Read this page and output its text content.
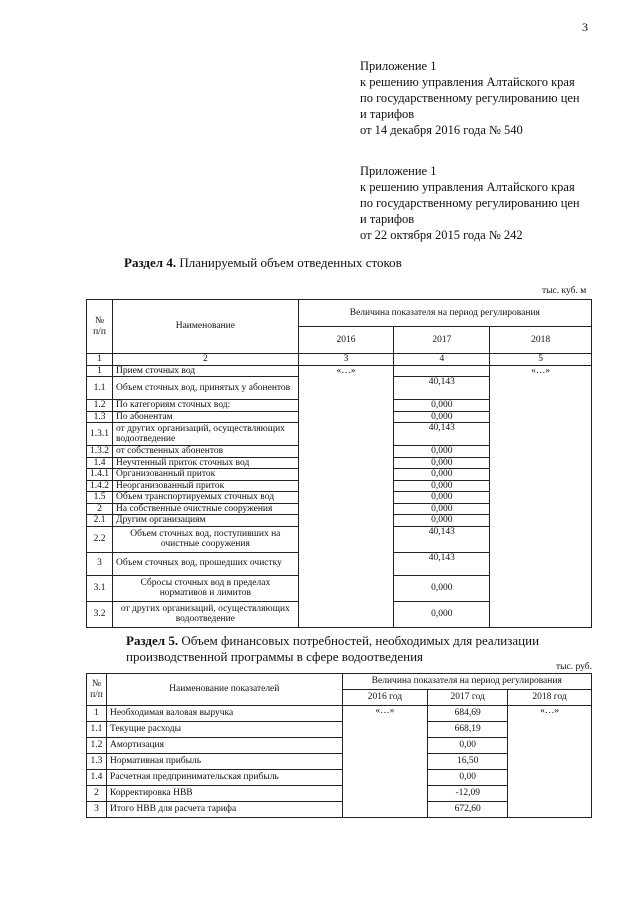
3
Приложение 1
к решению управления Алтайского края
по государственному регулированию цен
и тарифов
от 14 декабря 2016 года № 540
Приложение 1
к решению управления Алтайского края
по государственному регулированию цен
и тарифов
от 22 октября 2015 года № 242
Раздел 4. Планируемый объем отведенных стоков
тыс. куб. м
№
п/п	Наименование	Величина показателя на период регулирования		
		2016	2017	2018
1	2	3	4	5
1	Прием сточных вод	«…»		«…»
1.1	Объем сточных вод, принятых у абонентов		40,143	
1.2	По категориям сточных вод:		0,000	
1.3	По абонентам		0,000	
1.3.1	от других организаций, осуществляющих водоотведение		40,143	
1.3.2	от собственных абонентов		0,000	
1.4	Неучтенный приток сточных вод		0,000	
1.4.1	Организованный приток		0,000	
1.4.2	Неорганизованный приток		0,000	
1.5	Объем транспортируемых сточных вод		0,000	
2	На собственные очистные сооружения		0,000	
2.1	Другим организациям		0,000	
2.2	Объем сточных вод, поступивших на очистные сооружения		40,143	
3	Объем сточных вод, прошедших очистку		40,143	
3.1	Сбросы сточных вод в пределах нормативов и лимитов		0,000	
3.2	от других организаций, осуществляющих водоотведение		0,000	
Раздел 5. Объем финансовых потребностей, необходимых для реализации производственной программы в сфере водоотведения
тыс. руб.
№
п/п	Наименование показателей	Величина показателя на период регулирования		
		2016 год	2017 год	2018 год
1	Необходимая валовая выручка	«…»	684,69	«…»
1.1	Текущие расходы		668,19	
1.2	Амортизация		0,00	
1.3	Нормативная прибыль		16,50	
1.4	Расчетная предпринимательская прибыль		0,00	
2	Корректировка НВВ		-12,09	
3	Итого НВВ для расчета тарифа		672,60	
